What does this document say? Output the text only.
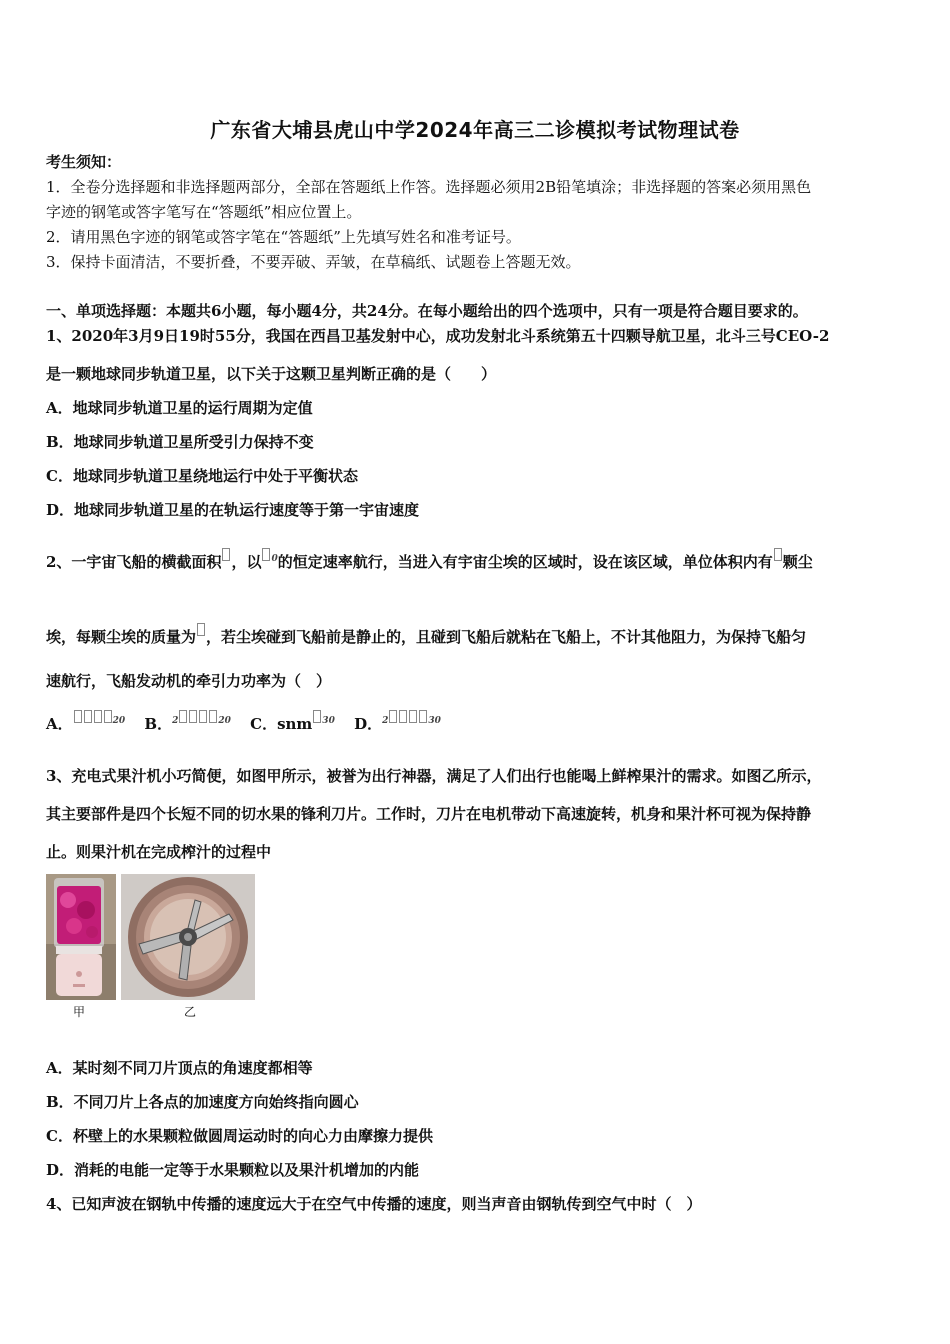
广东省大埔县虎山中学2024年高三二诊模拟考试物理试卷
考生须知：
1．全卷分选择题和非选择题两部分，全部在答题纸上作答。选择题必须用2B铅笔填涂；非选择题的答案必须用黑色
字迹的钢笔或答字笔写在“答题纸”相应位置上。
2．请用黑色字迹的钢笔或答字笔在“答题纸”上先填写姓名和准考证号。
3．保持卡面清洁，不要折叠，不要弄破、弄皱，在草稿纸、试题卷上答题无效。
一、单项选择题：本题共6小题，每小题4分，共24分。在每小题给出的四个选项中，只有一项是符合题目要求的。
1、2020年3月9日19时55分，我国在西昌卫基发射中心，成功发射北斗系统第五十四颗导航卫星，北斗三号CEO-2
是一颗地球同步轨道卫星，以下关于这颗卫星判断正确的是（　　）
A．地球同步轨道卫星的运行周期为定值
B．地球同步轨道卫星所受引力保持不变
C．地球同步轨道卫星绕地运行中处于平衡状态
D．地球同步轨道卫星的在轨运行速度等于第一宇宙速度
2、一宇宙飞船的横截面积 ，以 $^0$的恒定速率航行，当进入有宇宙尘埃的区域时，设在该区域，单位体积内有 颗尘
埃，每颗尘埃的质量为 ，若尘埃碰到飞船前是静止的，且碰到飞船后就粘在飞船上，不计其他阻力，为保持飞船匀
速航行，飞船发动机的牵引力功率为（　）
A．	$^{20}$ B．$^2$	$^{20}$ C．snm $^{30}$ D．$^2$	$^{30}$
3、充电式果汁机小巧简便，如图甲所示，被誉为出行神器，满足了人们出行也能喝上鲜榨果汁的需求。如图乙所示，
其主要部件是四个长短不同的切水果的锋利刀片。工作时，刀片在电机带动下高速旋转，机身和果汁杯可视为保持静
止。则果汁机在完成榨汁的过程中
甲	乙
A．某时刻不同刀片顶点的角速度都相等
B．不同刀片上各点的加速度方向始终指向圆心
C．杯壁上的水果颗粒做圆周运动时的向心力由摩擦力提供
D．消耗的电能一定等于水果颗粒以及果汁机增加的内能
4、已知声波在钢轨中传播的速度远大于在空气中传播的速度，则当声音由钢轨传到空气中时（　）
